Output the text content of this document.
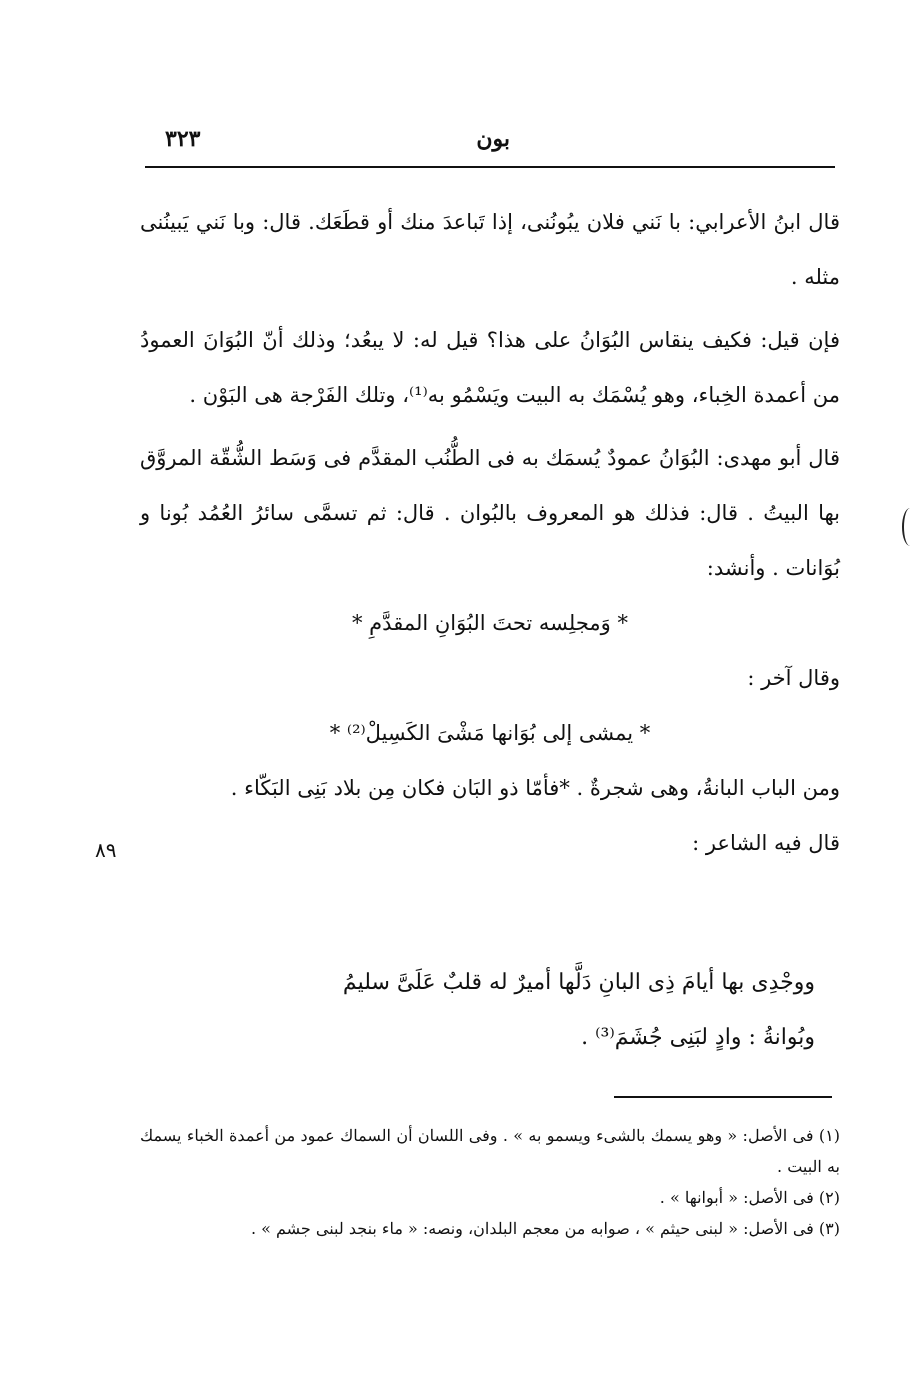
بون
٣٢٣

قال ابنُ الأعرابي: با نَني فلان يبُونُنى، إذا تَباعدَ منك أو قطَعَك. قال: وبا نَني يَبينُنى مثله .

فإن قيل: فكيف ينقاس البُوَانُ على هذا؟ قيل له: لا يبعُد؛ وذلك أنّ البُوَانَ العمودُ من أعمدة الخِباء، وهو يُسْمَك به البيت ويَسْمُو به⁽¹⁾، وتلك الفَرْجة هى البَوْن .

قال أبو مهدى: البُوَانُ عمودٌ يُسمَك به فى الطُّنُب المقدَّم فى وَسَط الشُّقّة المروَّق بها البيتُ . قال: فذلك هو المعروف بالبُوان . قال: ثم تسمَّى سائرُ العُمُد بُونا و بُوَانات . وأنشد:

* وَمجلِسه تحتَ البُوَانِ المقدَّمِ *

وقال آخر :

* يمشى إلى بُوَانها مَشْىَ الكَسِيلْ⁽²⁾ *

ومن الباب البانةُ، وهى شجرةٌ . *فأمّا ذو البَان فكان مِن بلاد بَنِى البَكّاء .

قال فيه الشاعر :

٨٩

ووجْدِى بها أيامَ ذِى البانِ دَلَّها أميرٌ له قلبٌ عَلَىَّ سليمُ

وبُوانةُ : وادٍ لبَنِى جُشَمَ⁽³⁾ .

(١) فى الأصل: « وهو يسمك بالشىء ويسمو به » . وفى اللسان أن السماك عمود من أعمدة الخباء يسمك به البيت .

(٢) فى الأصل: « أبوانها » .

(٣) فى الأصل: « لبنى حيثم » ، صوابه من معجم البلدان، ونصه: « ماء بنجد لبنى جشم » .
